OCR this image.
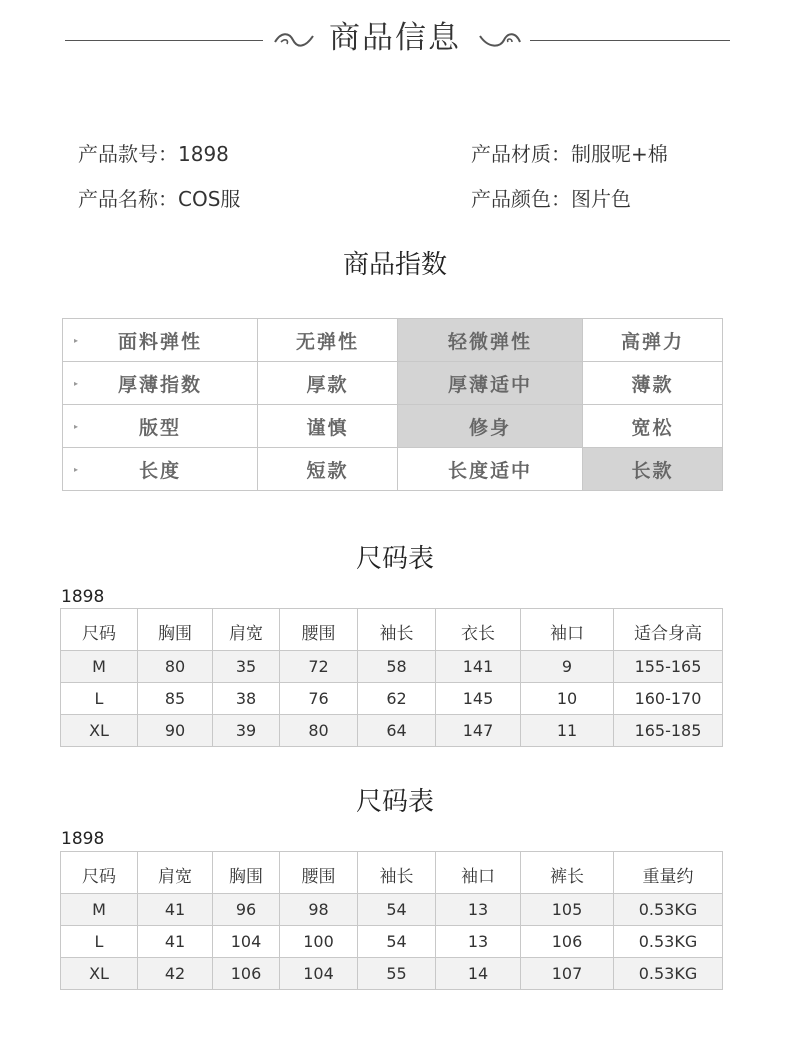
商品信息
产品款号：1898	产品材质：制服呢+棉
产品名称：COS服	产品颜色：图片色
商品指数
▸ 面料弹性	无弹性	轻微弹性	高弹力

▸ 厚薄指数	厚款	厚薄适中	薄款

▸ 版型	谨慎	修身	宽松

▸ 长度	短款	长度适中	长款
尺码表
1898
尺码	胸围	肩宽	腰围	袖长	衣长	袖口	适合身高
M	80	35	72	58	141	9	155-165
L	85	38	76	62	145	10	160-170
XL	90	39	80	64	147	11	165-185
尺码表
1898
尺码	肩宽	胸围	腰围	袖长	袖口	裤长	重量约
M	41	96	98	54	13	105	0.53KG
L	41	104	100	54	13	106	0.53KG
XL	42	106	104	55	14	107	0.53KG
